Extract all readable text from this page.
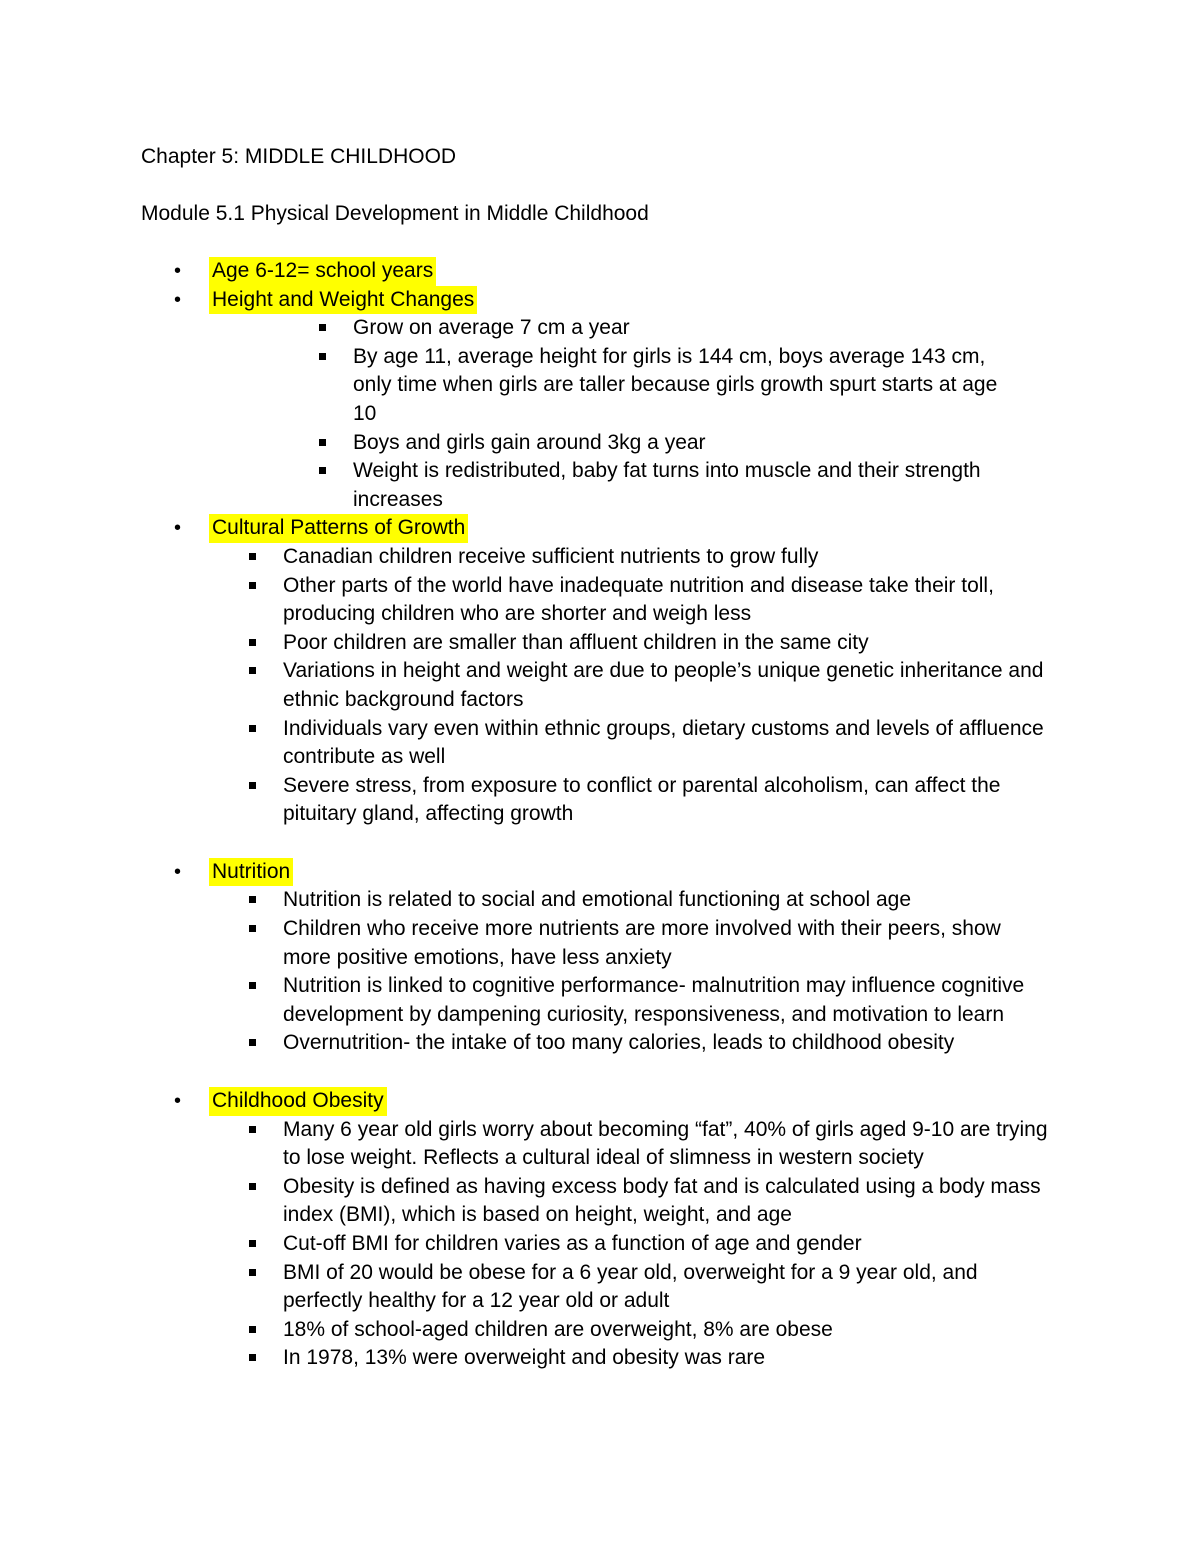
Chapter 5: MIDDLE CHILDHOOD
Module 5.1 Physical Development in Middle Childhood
• Age 6-12= school years
• Height and Weight Changes
Grow on average 7 cm a year
By age 11, average height for girls is 144 cm, boys average 143 cm, only time when girls are taller because girls growth spurt starts at age 10
Boys and girls gain around 3kg a year
Weight is redistributed, baby fat turns into muscle and their strength increases
• Cultural Patterns of Growth
Canadian children receive sufficient nutrients to grow fully
Other parts of the world have inadequate nutrition and disease take their toll, producing children who are shorter and weigh less
Poor children are smaller than affluent children in the same city
Variations in height and weight are due to people’s unique genetic inheritance and ethnic background factors
Individuals vary even within ethnic groups, dietary customs and levels of affluence contribute as well
Severe stress, from exposure to conflict or parental alcoholism, can affect the pituitary gland, affecting growth
• Nutrition
Nutrition is related to social and emotional functioning at school age
Children who receive more nutrients are more involved with their peers, show more positive emotions, have less anxiety
Nutrition is linked to cognitive performance- malnutrition may influence cognitive development by dampening curiosity, responsiveness, and motivation to learn
Overnutrition- the intake of too many calories, leads to childhood obesity
• Childhood Obesity
Many 6 year old girls worry about becoming “fat”, 40% of girls aged 9-10 are trying to lose weight. Reflects a cultural ideal of slimness in western society
Obesity is defined as having excess body fat and is calculated using a body mass index (BMI), which is based on height, weight, and age
Cut-off BMI for children varies as a function of age and gender
BMI of 20 would be obese for a 6 year old, overweight for a 9 year old, and perfectly healthy for a 12 year old or adult
18% of school-aged children are overweight, 8% are obese
In 1978, 13% were overweight and obesity was rare
